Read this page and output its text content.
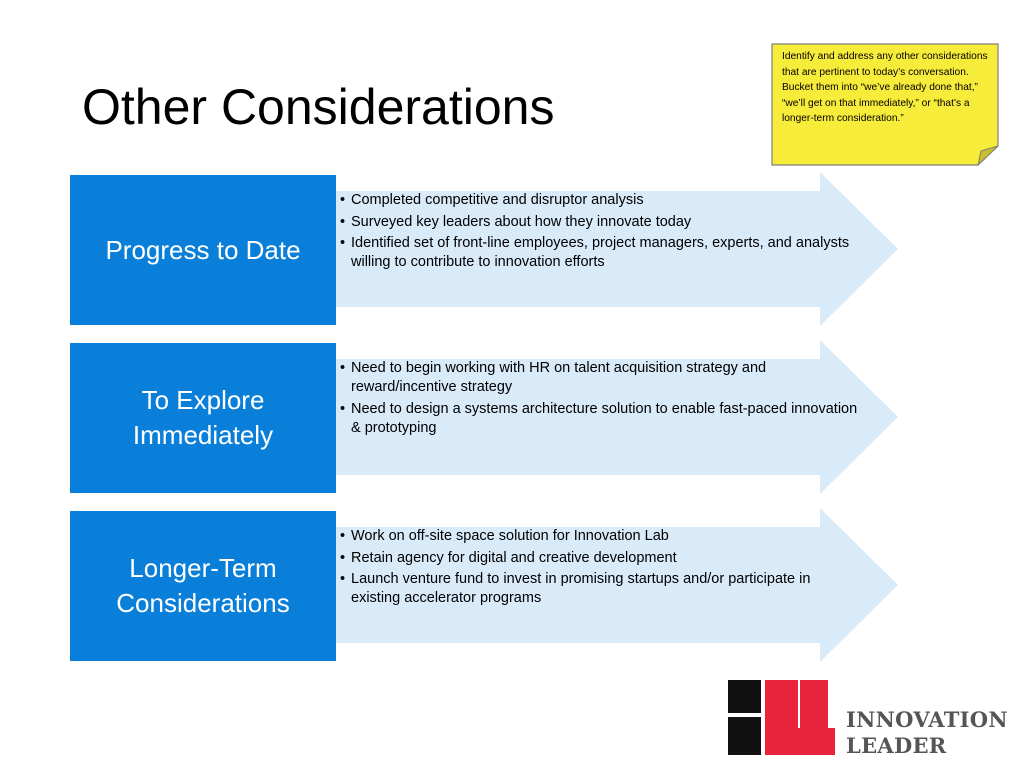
Other Considerations
Identify and address any other considerations that are pertinent to today’s conversation. Bucket them into “we’ve already done that,” “we’ll get on that immediately,” or “that’s a longer-term consideration.”
Progress to Date
• Completed competitive and disruptor analysis
• Surveyed key leaders about how they innovate today
• Identified set of front-line employees, project managers, experts, and analysts willing to contribute to innovation efforts
To Explore
Immediately
• Need to begin working with HR on talent acquisition strategy and reward/incentive strategy
• Need to design a systems architecture solution to enable fast-paced innovation & prototyping
Longer-Term
Considerations
• Work on off-site space solution for Innovation Lab
• Retain agency for digital and creative development
• Launch venture fund to invest in promising startups and/or participate in existing accelerator programs
INNOVATION
LEADER
